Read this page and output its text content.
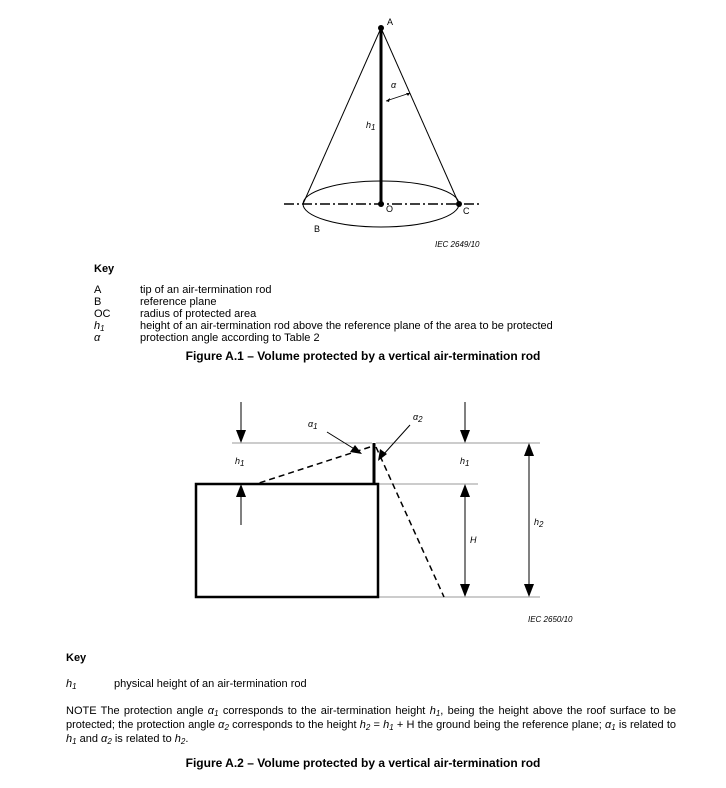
A
α
$h_1$
O	C
B
IEC 2649/10
Key
A	tip of an air-termination rod
B	reference plane
OC	radius of protected area
$h_1$	height of an air-termination rod above the reference plane of the area to be protected
α	protection angle according to Table 2
Figure A.1 – Volume protected by a vertical air-termination rod
$\alpha_1$
$\alpha_2$
$h_1$	$h_1$
H
$h_2$
IEC 2650/10
Key
$h_1$	physical height of an air-termination rod
NOTE The protection angle $\alpha_1$ corresponds to the air-termination height $h_1$, being the height above the roof surface to be protected; the protection angle $\alpha_2$ corresponds to the height $h_2 = h_1 + H$ the ground being the reference plane; $\alpha_1$ is related to $h_1$ and $\alpha_2$ is related to $h_2$.
Figure A.2 – Volume protected by a vertical air-termination rod
